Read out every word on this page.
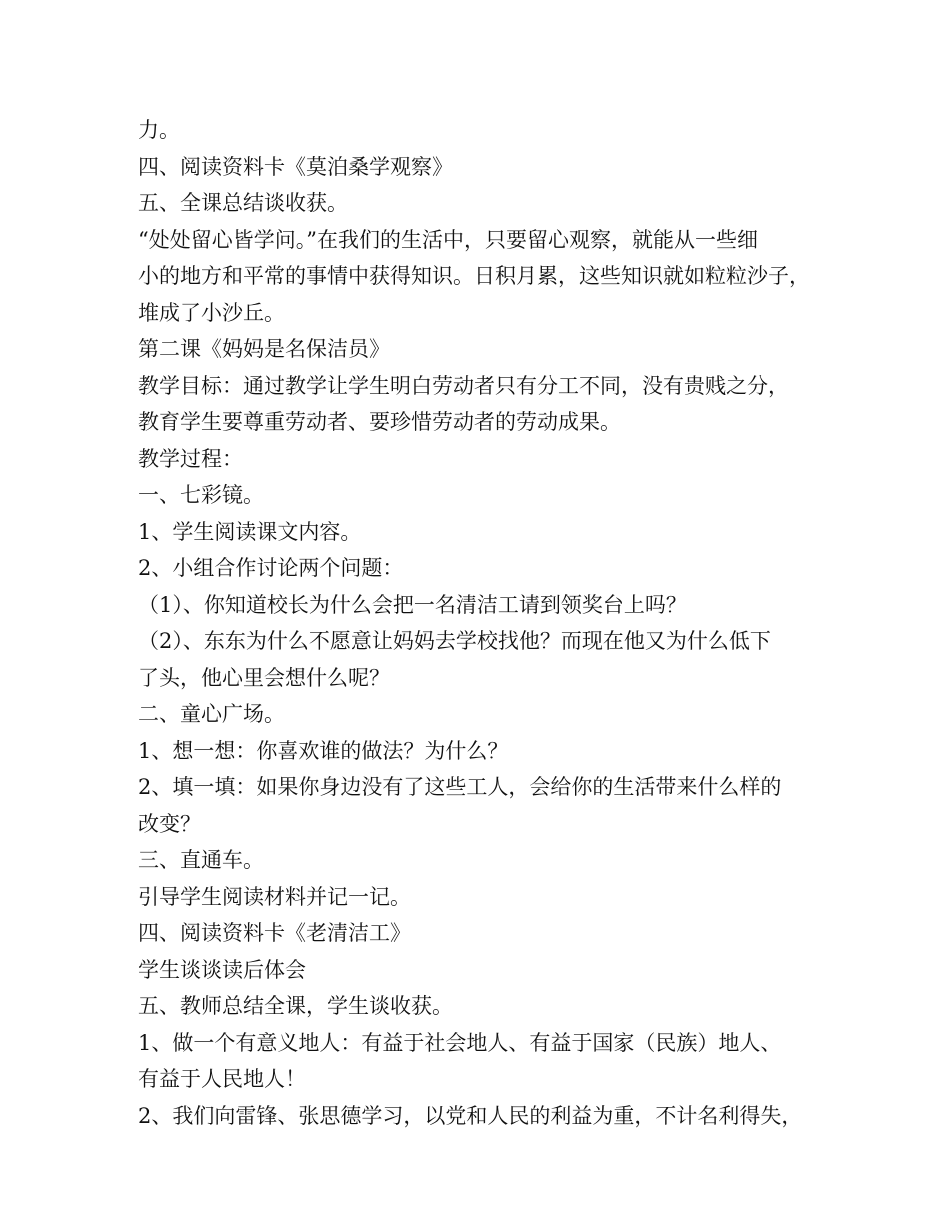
力。
四、阅读资料卡《莫泊桑学观察》
五、全课总结谈收获。
“处处留心皆学问。”在我们的生活中，只要留心观察，就能从一些细
小的地方和平常的事情中获得知识。日积月累，这些知识就如粒粒沙子，
堆成了小沙丘。
第二课《妈妈是名保洁员》
教学目标：通过教学让学生明白劳动者只有分工不同，没有贵贱之分，
教育学生要尊重劳动者、要珍惜劳动者的劳动成果。
教学过程：
一、七彩镜。
1、学生阅读课文内容。
2、小组合作讨论两个问题：
（1）、你知道校长为什么会把一名清洁工请到领奖台上吗？
（2）、东东为什么不愿意让妈妈去学校找他？而现在他又为什么低下
了头，他心里会想什么呢？
二、童心广场。
1、想一想：你喜欢谁的做法？为什么？
2、填一填：如果你身边没有了这些工人，会给你的生活带来什么样的
改变？
三、直通车。
引导学生阅读材料并记一记。
四、阅读资料卡《老清洁工》
学生谈谈读后体会
五、教师总结全课，学生谈收获。
1、做一个有意义地人：有益于社会地人、有益于国家（民族）地人、
有益于人民地人！
2、我们向雷锋、张思德学习，以党和人民的利益为重，不计名利得失，
